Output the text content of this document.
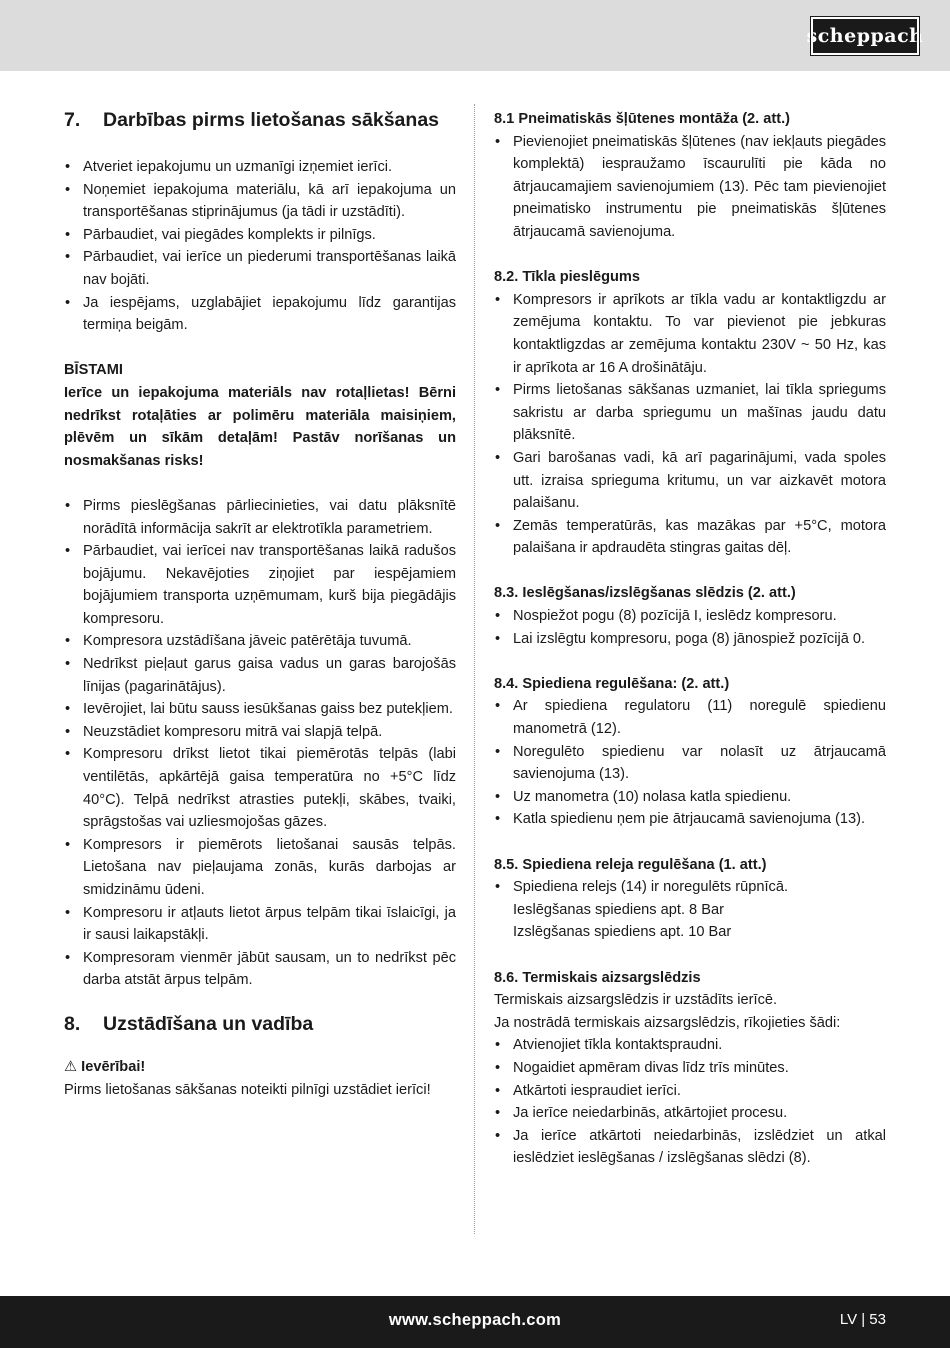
scheppach
7.	Darbības pirms lietošanas sākšanas
• Atveriet iepakojumu un uzmanīgi izņemiet ierīci.
• Noņemiet iepakojuma materiālu, kā arī iepakojuma un transportēšanas stiprinājumus (ja tādi ir uzstādīti).
• Pārbaudiet, vai piegādes komplekts ir pilnīgs.
• Pārbaudiet, vai ierīce un piederumi transportēšanas laikā nav bojāti.
• Ja iespējams, uzglabājiet iepakojumu līdz garantijas termiņa beigām.

BĪSTAMI

Ierīce un iepakojuma materiāls nav rotaļlietas! Bērni nedrīkst rotaļāties ar polimēru materiāla maisiņiem, plēvēm un sīkām detaļām! Pastāv norīšanas un nosmakšanas risks!

• Pirms pieslēgšanas pārliecinieties, vai datu plāksnītē norādītā informācija sakrīt ar elektrotīkla parametriem.
• Pārbaudiet, vai ierīcei nav transportēšanas laikā radušos bojājumu. Nekavējoties ziņojiet par iespējamiem bojājumiem transporta uzņēmumam, kurš bija piegādājis kompresoru.
• Kompresora uzstādīšana jāveic patērētāja tuvumā.
• Nedrīkst pieļaut garus gaisa vadus un garas barojošās līnijas (pagarinātājus).
• Ievērojiet, lai būtu sauss iesūkšanas gaiss bez putekļiem.
• Neuzstādiet kompresoru mitrā vai slapjā telpā.
• Kompresoru drīkst lietot tikai piemērotās telpās (labi ventilētās, apkārtējā gaisa temperatūra no +5°C līdz 40°C). Telpā nedrīkst atrasties putekļi, skābes, tvaiki, sprāgstošas vai uzliesmojošas gāzes.
• Kompresors ir piemērots lietošanai sausās telpās. Lietošana nav pieļaujama zonās, kurās darbojas ar smidzināmu ūdeni.
• Kompresoru ir atļauts lietot ārpus telpām tikai īslaicīgi, ja ir sausi laikapstākļi.
• Kompresoram vienmēr jābūt sausam, un to nedrīkst pēc darba atstāt ārpus telpām.
8.	Uzstādīšana un vadība

⚠ Ievērībai!

Pirms lietošanas sākšanas noteikti pilnīgi uzstādiet ierīci!

8.1 Pneimatiskās šļūtenes montāža (2. att.)

• Pievienojiet pneimatiskās šļūtenes (nav iekļauts piegādes komplektā) iespraužamo īscaurulīti pie kāda no ātrjaucamajiem savienojumiem (13). Pēc tam pievienojiet pneimatisko instrumentu pie pneimatiskās šļūtenes ātrjaucamā savienojuma.

8.2. Tīkla pieslēgums

• Kompresors ir aprīkots ar tīkla vadu ar kontaktligzdu ar zemējuma kontaktu. To var pievienot pie jebkuras kontaktligzdas ar zemējuma kontaktu 230V ~ 50 Hz, kas ir aprīkota ar 16 A drošinātāju.
• Pirms lietošanas sākšanas uzmaniet, lai tīkla spriegums sakristu ar darba spriegumu un mašīnas jaudu datu plāksnītē.
• Gari barošanas vadi, kā arī pagarinājumi, vada spoles utt. izraisa sprieguma kritumu, un var aizkavēt motora palaišanu.
• Zemās temperatūrās, kas mazākas par +5°C, motora palaišana ir apdraudēta stingras gaitas dēļ.

8.3. Ieslēgšanas/izslēgšanas slēdzis (2. att.)

• Nospiežot pogu (8) pozīcijā I, ieslēdz kompresoru.
• Lai izslēgtu kompresoru, poga (8) jānospiež pozīcijā 0.

8.4. Spiediena regulēšana: (2. att.)

• Ar spiediena regulatoru (11) noregulē spiedienu manometrā (12).
• Noregulēto spiedienu var nolasīt uz ātrjaucamā savienojuma (13).
• Uz manometra (10) nolasa katla spiedienu.
• Katla spiedienu ņem pie ātrjaucamā savienojuma (13).

8.5. Spiediena releja regulēšana (1. att.)

• Spiediena relejs (14) ir noregulēts rūpnīcā.

Ieslēgšanas spiediens apt. 8 Bar

Izslēgšanas spiediens apt. 10 Bar

8.6. Termiskais aizsargslēdzis

Termiskais aizsargslēdzis ir uzstādīts ierīcē.

Ja nostrādā termiskais aizsargslēdzis, rīkojieties šādi:

• Atvienojiet tīkla kontaktspraudni.
• Nogaidiet apmēram divas līdz trīs minūtes.
• Atkārtoti iespraudiet ierīci.
• Ja ierīce neiedarbinās, atkārtojiet procesu.
• Ja ierīce atkārtoti neiedarbinās, izslēdziet un atkal ieslēdziet ieslēgšanas / izslēgšanas slēdzi (8).
www.scheppach.com	LV | 53
